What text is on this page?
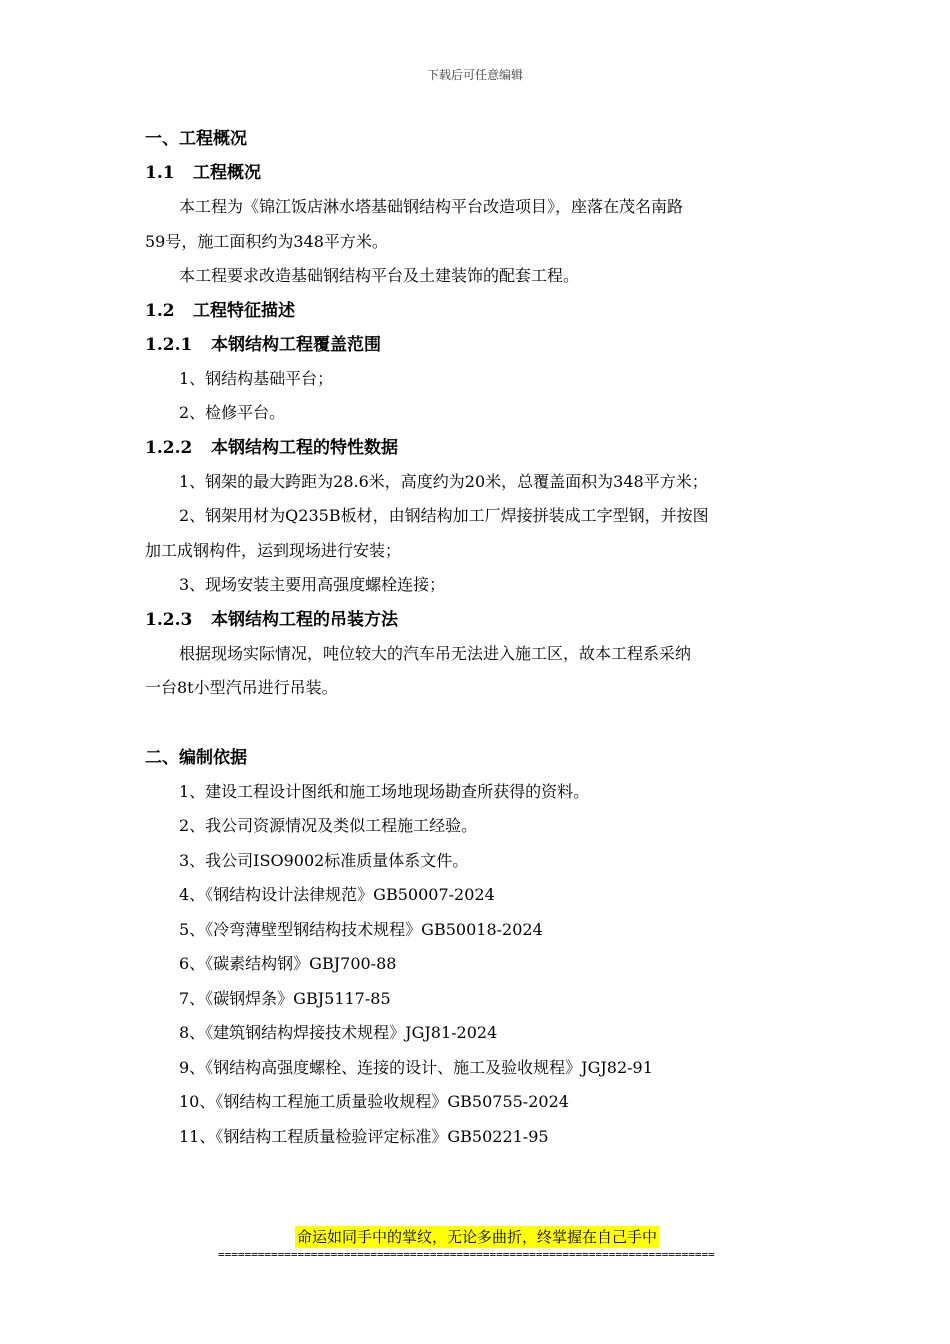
下载后可任意编辑

一、工程概况

1.1 工程概况

本工程为《锦江饭店淋水塔基础钢结构平台改造项目》，座落在茂名南路

59号，施工面积约为348平方米。

本工程要求改造基础钢结构平台及土建装饰的配套工程。

1.2 工程特征描述

1.2.1 本钢结构工程覆盖范围

1、钢结构基础平台；

2、检修平台。

1.2.2 本钢结构工程的特性数据

1、钢架的最大跨距为28.6米，高度约为20米，总覆盖面积为348平方米；

2、钢架用材为Q235B板材，由钢结构加工厂焊接拼装成工字型钢，并按图

加工成钢构件，运到现场进行安装；

3、现场安装主要用高强度螺栓连接；

1.2.3 本钢结构工程的吊装方法

根据现场实际情况，吨位较大的汽车吊无法进入施工区，故本工程系采纳

一台8t小型汽吊进行吊装。

二、编制依据

1、建设工程设计图纸和施工场地现场勘查所获得的资料。

2、我公司资源情况及类似工程施工经验。

3、我公司ISO9002标准质量体系文件。

4、《钢结构设计法律规范》GB50007-2024

5、《冷弯薄壁型钢结构技术规程》GB50018-2024

6、《碳素结构钢》GBJ700-88

7、《碳钢焊条》GBJ5117-85

8、《建筑钢结构焊接技术规程》JGJ81-2024

9、《钢结构高强度螺栓、连接的设计、施工及验收规程》JGJ82-91

10、《钢结构工程施工质量验收规程》GB50755-2024

11、《钢结构工程质量检验评定标准》GB50221-95

命运如同手中的掌纹，无论多曲折，终掌握在自己手中
===========================================================================
